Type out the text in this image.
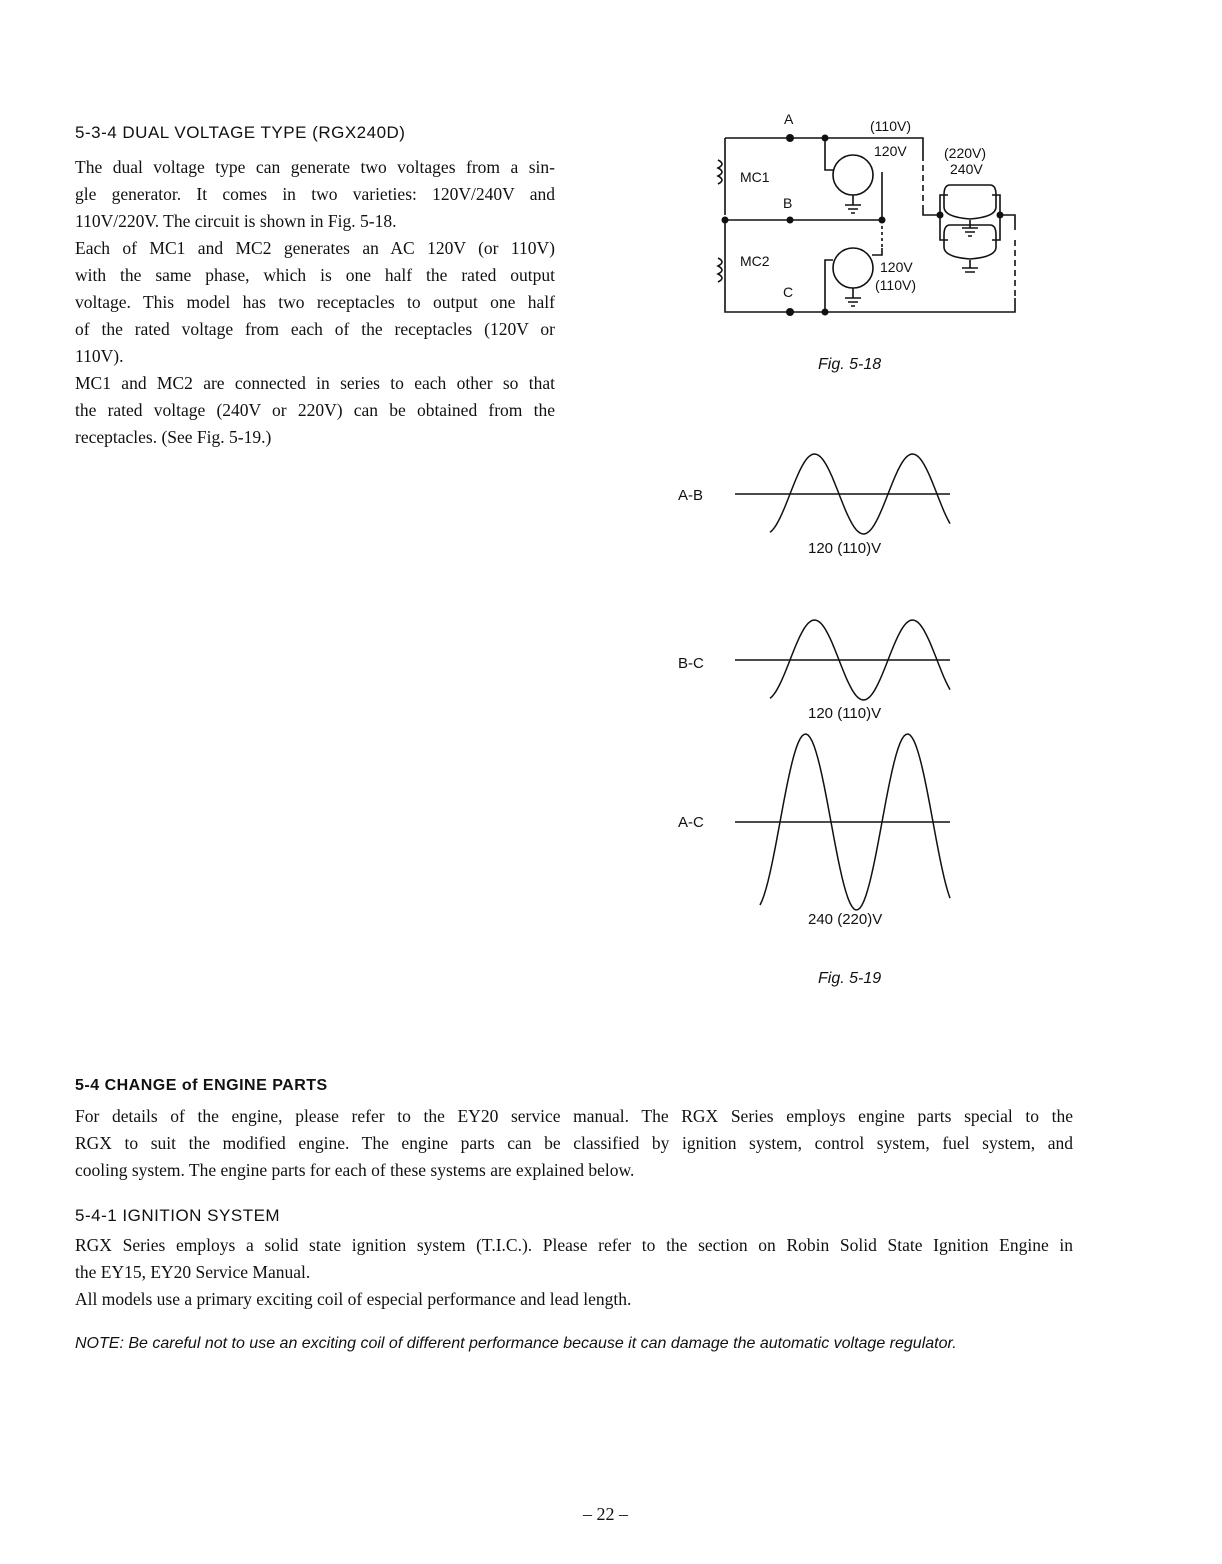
5-3-4 DUAL VOLTAGE TYPE (RGX240D)
The dual voltage type can generate two voltages from a sin-
gle generator. It comes in two varieties: 120V/240V and
110V/220V. The circuit is shown in Fig. 5-18.
Each of MC1 and MC2 generates an AC 120V (or 110V)
with the same phase, which is one half the rated output
voltage. This model has two receptacles to output one half
of the rated voltage from each of the receptacles (120V or
110V).
MC1 and MC2 are connected in series to each other so that
the rated voltage (240V or 220V) can be obtained from the
receptacles. (See Fig. 5-19.)
A
B
C
MC1
MC2
(110V)
120V	(220V)
240V
120V
(110V)
Fig. 5-18
A-B
120 (110)V
B-C
120 (110)V
A-C
240 (220)V
Fig. 5-19
5-4 CHANGE of ENGINE PARTS
For details of the engine, please refer to the EY20 service manual. The RGX Series employs engine parts special to the
RGX to suit the modified engine. The engine parts can be classified by ignition system, control system, fuel system, and
cooling system. The engine parts for each of these systems are explained below.
5-4-1 IGNITION SYSTEM
RGX Series employs a solid state ignition system (T.I.C.). Please refer to the section on Robin Solid State Ignition Engine in
the EY15, EY20 Service Manual.
All models use a primary exciting coil of especial performance and lead length.
NOTE: Be careful not to use an exciting coil of different performance because it can damage the automatic voltage regulator.
– 22 –
